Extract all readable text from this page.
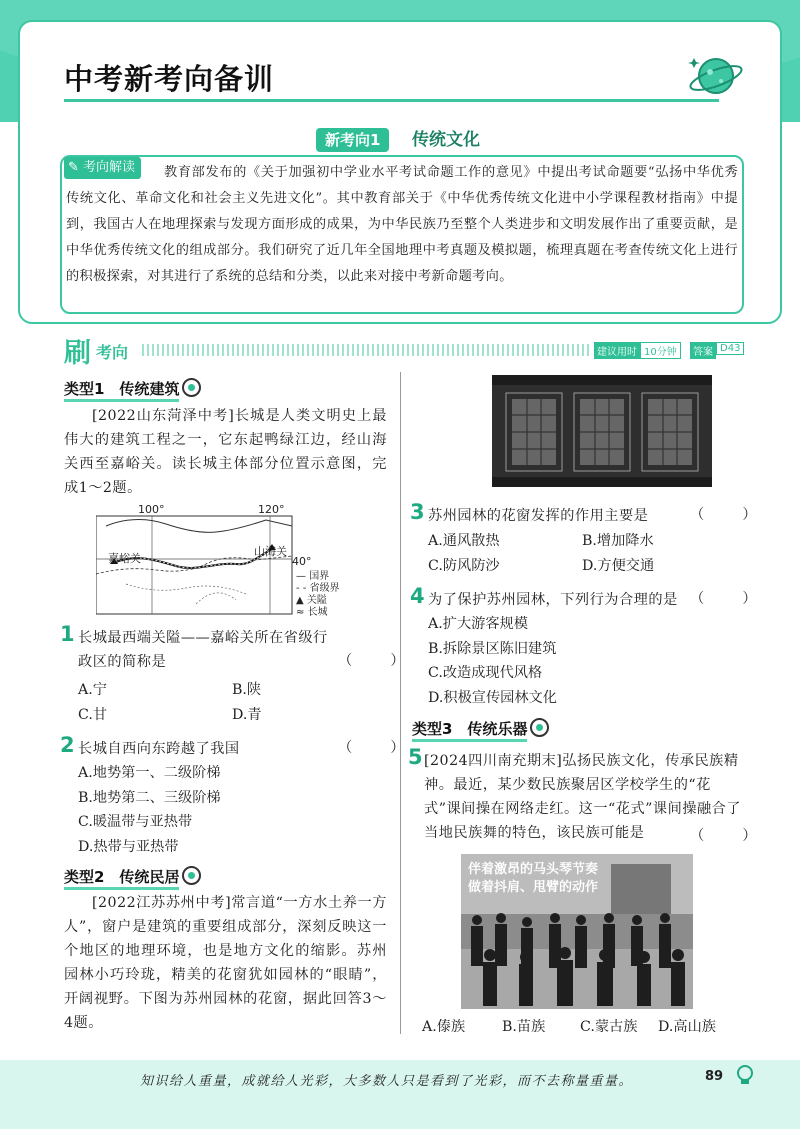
中考新考向备训
新考向1	传统文化
教育部发布的《关于加强初中学业水平考试命题工作的意见》中提出考试命题要“弘扬中华优秀传统文化、革命文化和社会主义先进文化”。其中教育部关于《中华优秀传统文化进中小学课程教材指南》中提到，我国古人在地理探索与发现方面形成的成果，为中华民族乃至整个人类进步和文明发展作出了重要贡献，是中华优秀传统文化的组成部分。我们研究了近几年全国地理中考真题及模拟题，梳理真题在考查传统文化上进行的积极探索，对其进行了系统的总结和分类，以此来对接中考新命题考向。
✎ 考向解读
刷 考向	建议用时 10分钟	答案 D43
类型1　传统建筑
[2022山东菏泽中考]长城是人类文明史上最伟大的建筑工程之一，它东起鸭绿江边，经山海关西至嘉峪关。读长城主体部分位置示意图，完成1～2题。
100°	120°
40°
嘉峪关
山海关
— 国界
- - 省级界
▲ 关隘
≈ 长城
1 长城最西端关隘——嘉峪关所在省级行政区的简称是	（　）
A.宁	B.陕
C.甘	D.青
2 长城自西向东跨越了我国	（　）
A.地势第一、二级阶梯
B.地势第二、三级阶梯
C.暖温带与亚热带
D.热带与亚热带
类型2　传统民居
[2022江苏苏州中考]常言道“一方水土养一方人”，窗户是建筑的重要组成部分，深刻反映这一个地区的地理环境，也是地方文化的缩影。苏州园林小巧玲珑，精美的花窗犹如园林的“眼睛”，开阔视野。下图为苏州园林的花窗，据此回答3～4题。
3 苏州园林的花窗发挥的作用主要是	（　）
A.通风散热	B.增加降水
C.防风防沙	D.方便交通
4 为了保护苏州园林，下列行为合理的是 （　）
A.扩大游客规模
B.拆除景区陈旧建筑
C.改造成现代风格
D.积极宣传园林文化
类型3　传统乐器
5 [2024四川南充期末]弘扬民族文化，传承民族精神。最近，某少数民族聚居区学校学生的“花式”课间操在网络走红。这一“花式”课间操融合了当地民族舞的特色，该民族可能是	（　）
伴着激昂的马头琴节奏
做着抖肩、甩臂的动作
A.傣族	B.苗族 C.蒙古族 D.高山族
知识给人重量，成就给人光彩，大多数人只是看到了光彩，而不去称量重量。	89
